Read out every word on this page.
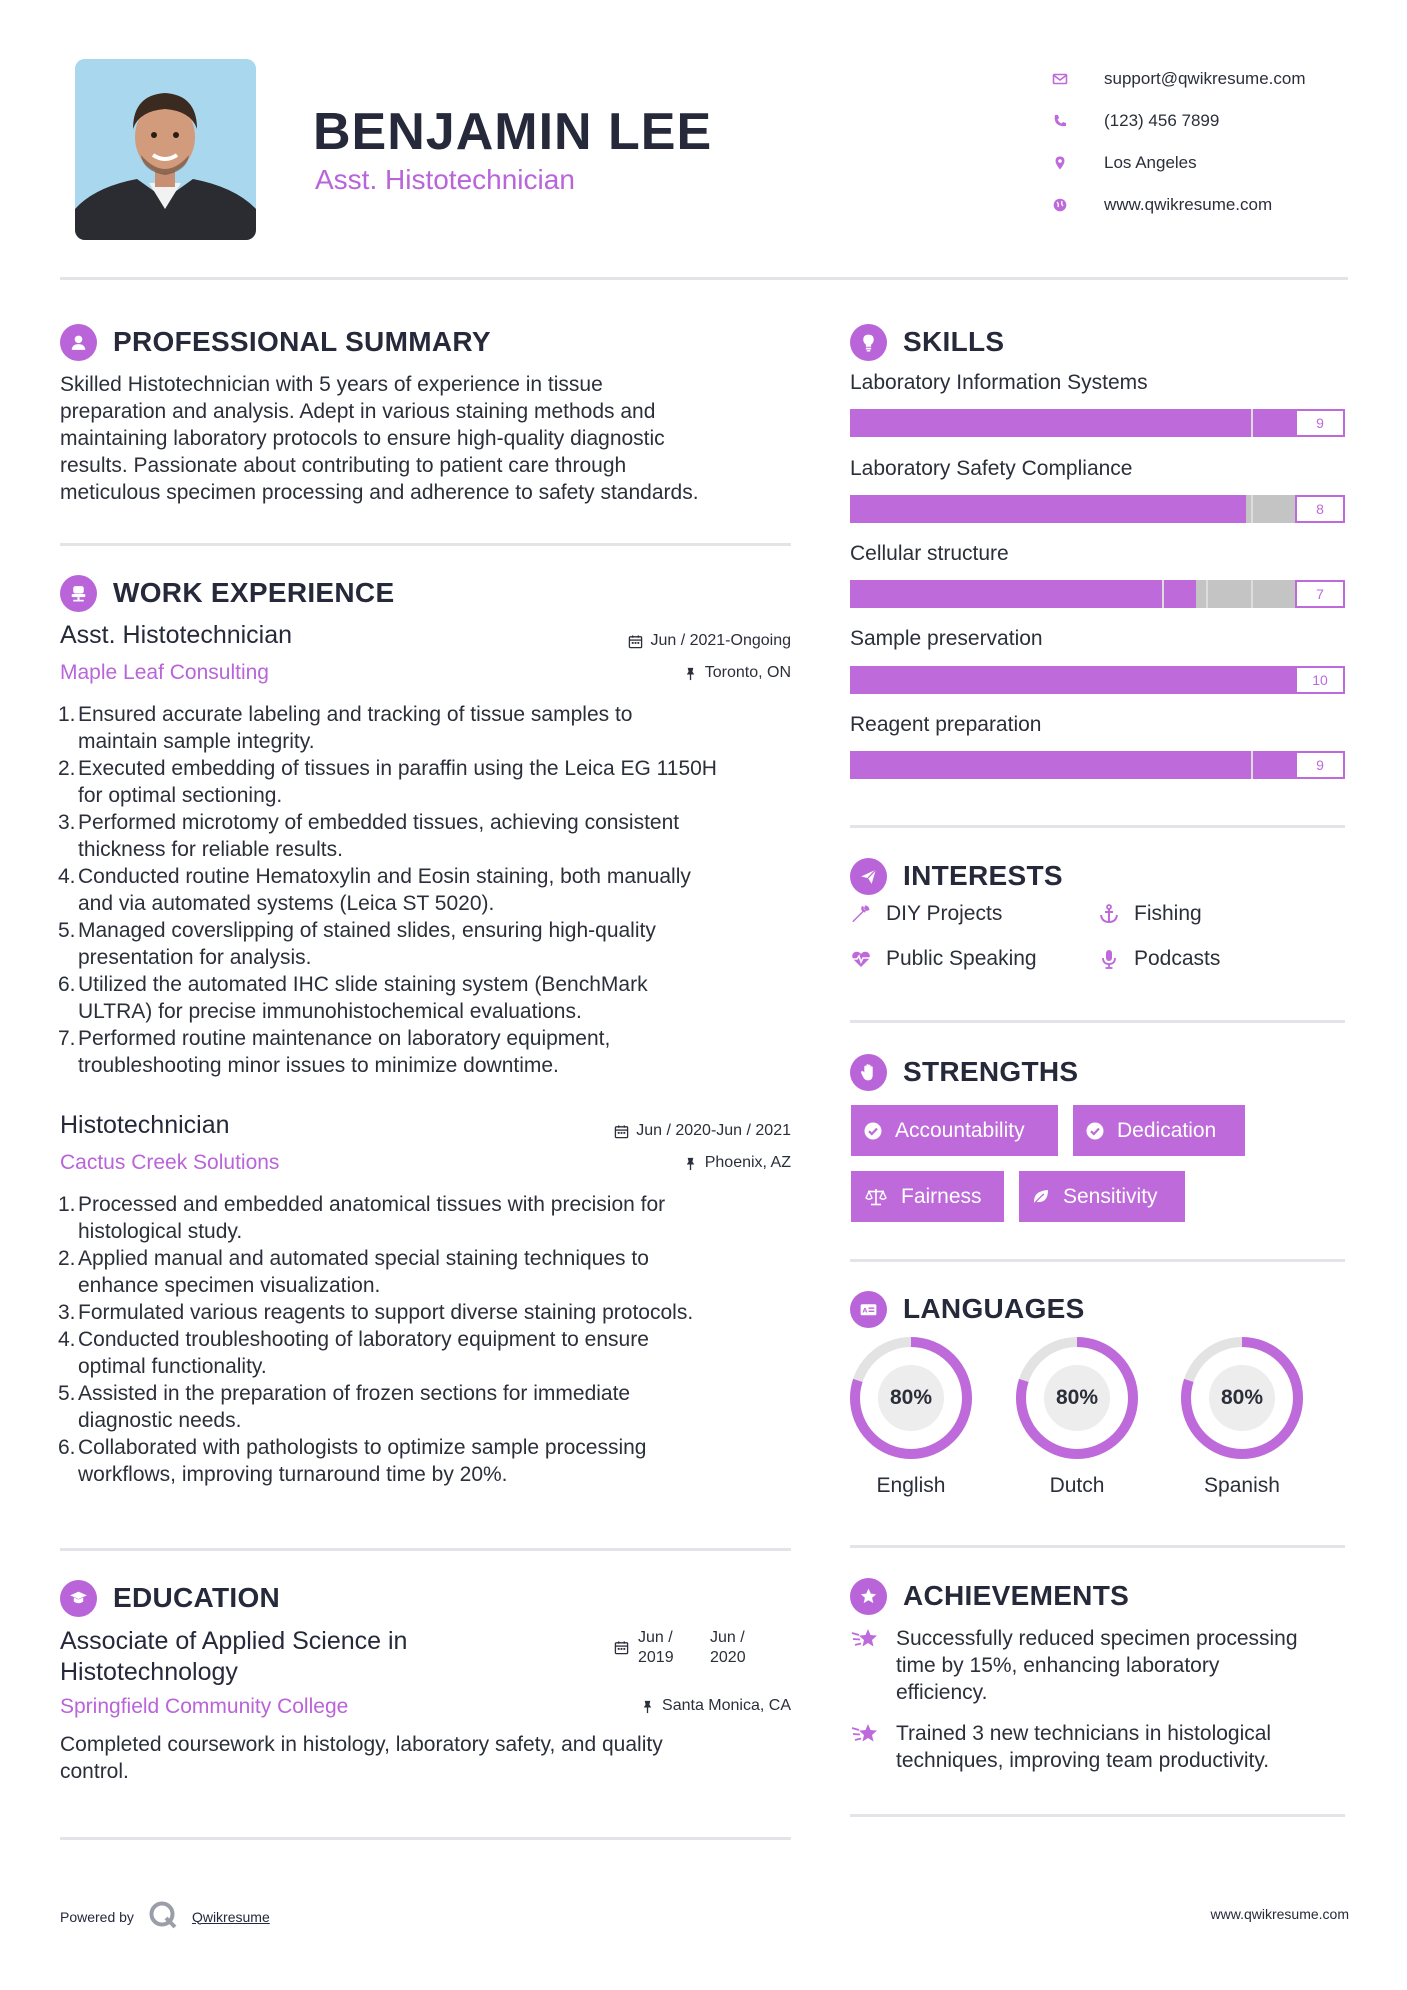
BENJAMIN LEE
Asst. Histotechnician
support@qwikresume.com
(123) 456 7899
Los Angeles
www.qwikresume.com
PROFESSIONAL SUMMARY
Skilled Histotechnician with 5 years of experience in tissue
preparation and analysis. Adept in various staining methods and
maintaining laboratory protocols to ensure high-quality diagnostic
results. Passionate about contributing to patient care through
meticulous specimen processing and adherence to safety standards.
WORK EXPERIENCE
Asst. Histotechnician	Jun / 2021-Ongoing
Maple Leaf Consulting	Toronto, ON
1. Ensured accurate labeling and tracking of tissue samples to
maintain sample integrity.
2. Executed embedding of tissues in paraffin using the Leica EG 1150H
for optimal sectioning.
3. Performed microtomy of embedded tissues, achieving consistent
thickness for reliable results.
4. Conducted routine Hematoxylin and Eosin staining, both manually
and via automated systems (Leica ST 5020).
5. Managed coverslipping of stained slides, ensuring high-quality
presentation for analysis.
6. Utilized the automated IHC slide staining system (BenchMark
ULTRA) for precise immunohistochemical evaluations.
7. Performed routine maintenance on laboratory equipment,
troubleshooting minor issues to minimize downtime.
Histotechnician	Jun / 2020-Jun / 2021
Cactus Creek Solutions	Phoenix, AZ
1. Processed and embedded anatomical tissues with precision for
histological study.
2. Applied manual and automated special staining techniques to
enhance specimen visualization.
3. Formulated various reagents to support diverse staining protocols.
4. Conducted troubleshooting of laboratory equipment to ensure
optimal functionality.
5. Assisted in the preparation of frozen sections for immediate
diagnostic needs.
6. Collaborated with pathologists to optimize sample processing
workflows, improving turnaround time by 20%.
EDUCATION
Associate of Applied Science in
Histotechnology
Jun /
2019
Jun /
2020
Springfield Community College	Santa Monica, CA
Completed coursework in histology, laboratory safety, and quality
control.
SKILLS
Laboratory Information Systems
9
Laboratory Safety Compliance
8
Cellular structure
7
Sample preservation
10
Reagent preparation
9
INTERESTS
DIY Projects	Fishing
Public Speaking	Podcasts
STRENGTHS
Accountability	Dedication
Fairness	Sensitivity
A LANGUAGES
80%
English
80%
Dutch
80%
Spanish
ACHIEVEMENTS
Successfully reduced specimen processing
time by 15%, enhancing laboratory
efficiency.
Trained 3 new technicians in histological
techniques, improving team productivity.
Powered by	Qwikresume	www.qwikresume.com
